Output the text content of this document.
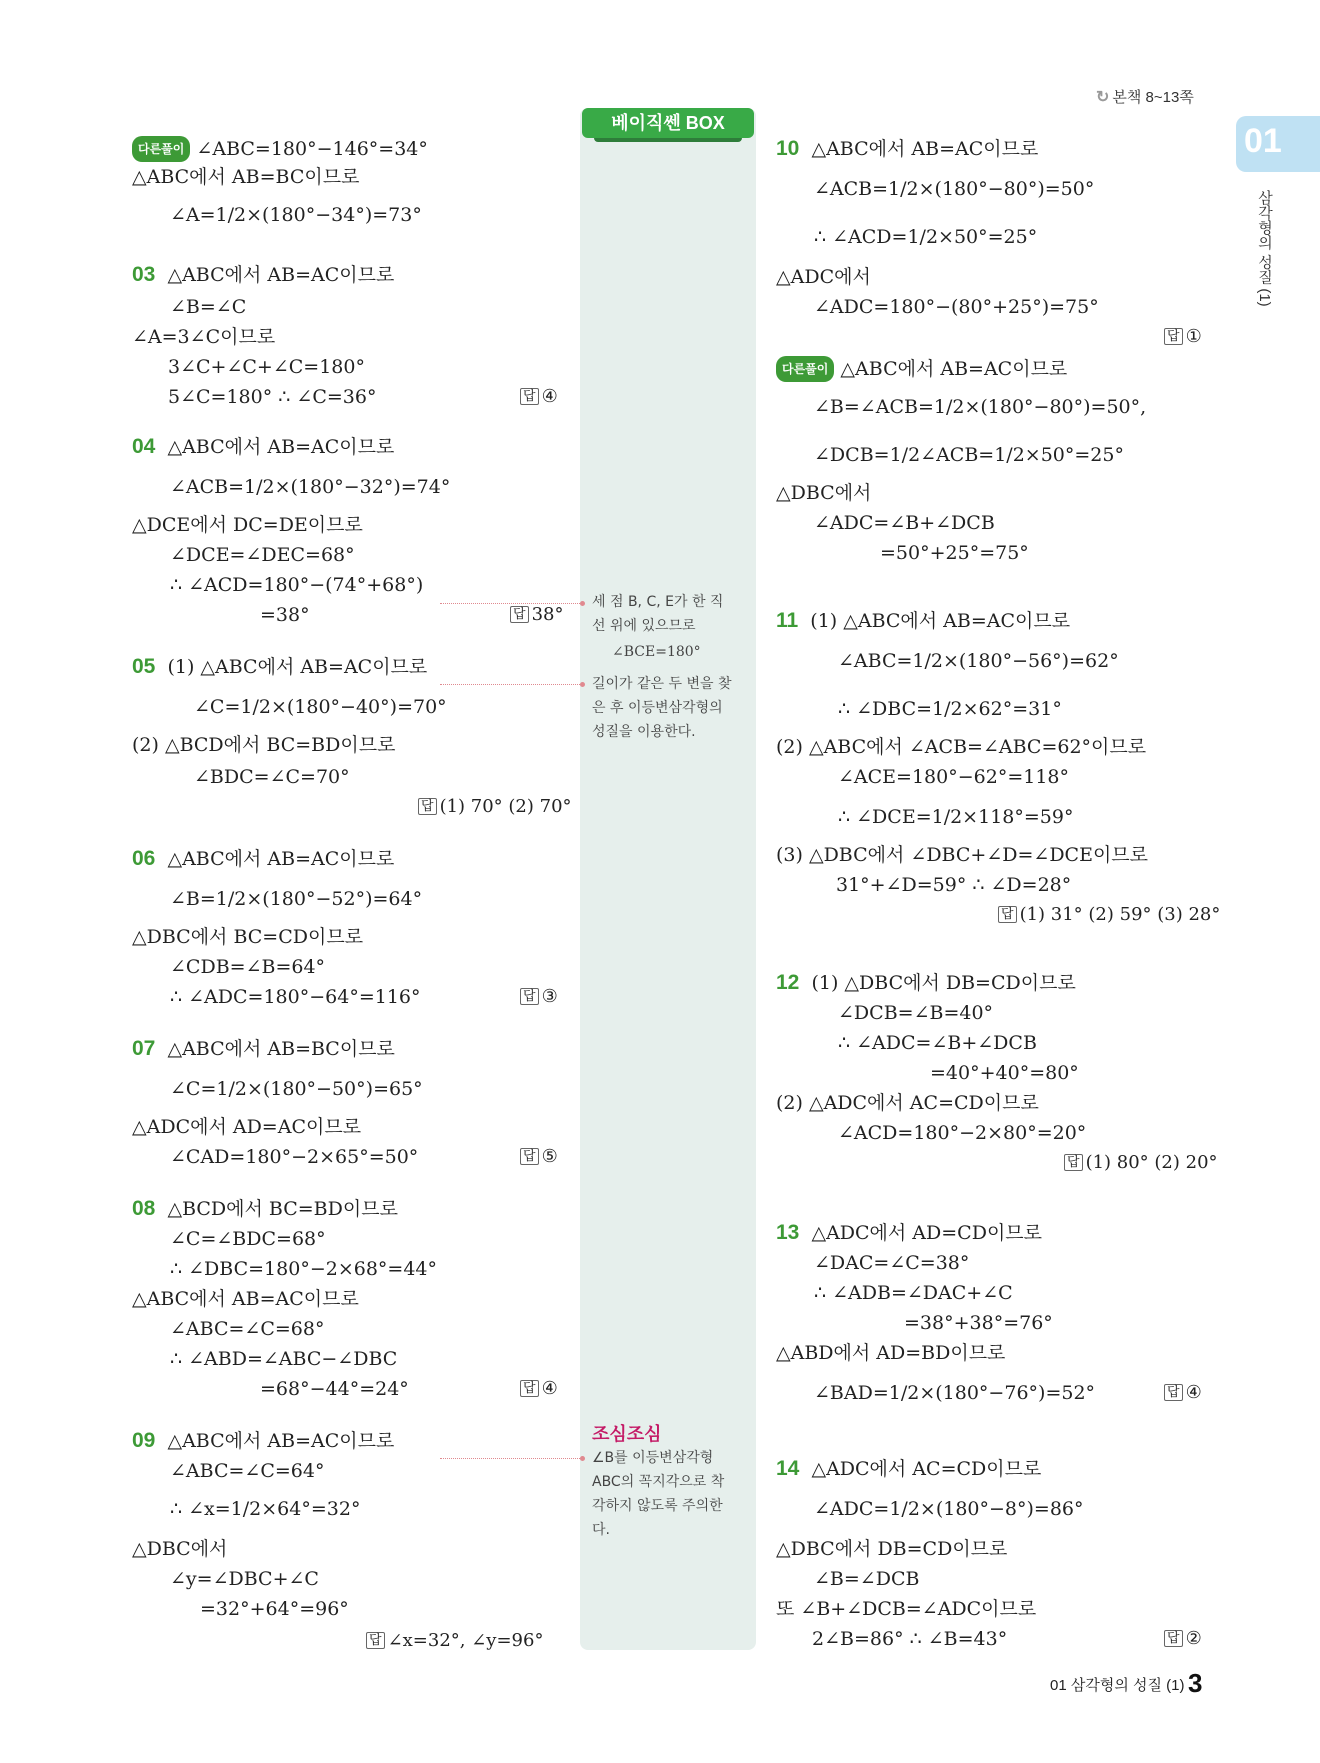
↻ 본책 8~13쪽
01
삼각형의 성질 (1)
베이직쎈 BOX
세 점 B, C, E가 한 직
선 위에 있으므로
∠BCE=180°
길이가 같은 두 변을 찾
은 후 이등변삼각형의
성질을 이용한다.
조심조심
∠B를 이등변삼각형
ABC의 꼭지각으로 착
각하지 않도록 주의한
다.
다른풀이 ∠ABC=180°−146°=34°
△ABC에서 AB=BC이므로
∠A=1/2×(180°−34°)=73°
03 △ABC에서 AB=AC이므로
∠B=∠C
∠A=3∠C이므로
3∠C+∠C+∠C=180°
5∠C=180° ∴ ∠C=36°	답 ④
04 △ABC에서 AB=AC이므로
∠ACB=1/2×(180°−32°)=74°
△DCE에서 DC=DE이므로
∠DCE=∠DEC=68°
∴ ∠ACD=180°−(74°+68°)
=38°	답 38°
05 (1) △ABC에서 AB=AC이므로
∠C=1/2×(180°−40°)=70°
(2) △BCD에서 BC=BD이므로
∠BDC=∠C=70°
답 (1) 70° (2) 70°
06 △ABC에서 AB=AC이므로
∠B=1/2×(180°−52°)=64°
△DBC에서 BC=CD이므로
∠CDB=∠B=64°
∴ ∠ADC=180°−64°=116°	답 ③
07 △ABC에서 AB=BC이므로
∠C=1/2×(180°−50°)=65°
△ADC에서 AD=AC이므로
∠CAD=180°−2×65°=50°	답 ⑤
08 △BCD에서 BC=BD이므로
∠C=∠BDC=68°
∴ ∠DBC=180°−2×68°=44°
△ABC에서 AB=AC이므로
∠ABC=∠C=68°
∴ ∠ABD=∠ABC−∠DBC
=68°−44°=24°	답 ④
09 △ABC에서 AB=AC이므로
∠ABC=∠C=64°
∴ ∠x=1/2×64°=32°
△DBC에서
∠y=∠DBC+∠C
=32°+64°=96°
답 ∠x=32°, ∠y=96°
10 △ABC에서 AB=AC이므로
∠ACB=1/2×(180°−80°)=50°
∴ ∠ACD=1/2×50°=25°
△ADC에서
∠ADC=180°−(80°+25°)=75°
답 ①
다른풀이 △ABC에서 AB=AC이므로
∠B=∠ACB=1/2×(180°−80°)=50°,
∠DCB=1/2∠ACB=1/2×50°=25°
△DBC에서
∠ADC=∠B+∠DCB
=50°+25°=75°
11 (1) △ABC에서 AB=AC이므로
∠ABC=1/2×(180°−56°)=62°
∴ ∠DBC=1/2×62°=31°
(2) △ABC에서 ∠ACB=∠ABC=62°이므로
∠ACE=180°−62°=118°
∴ ∠DCE=1/2×118°=59°
(3) △DBC에서 ∠DBC+∠D=∠DCE이므로
31°+∠D=59° ∴ ∠D=28°
답 (1) 31° (2) 59° (3) 28°
12 (1) △DBC에서 DB=CD이므로
∠DCB=∠B=40°
∴ ∠ADC=∠B+∠DCB
=40°+40°=80°
(2) △ADC에서 AC=CD이므로
∠ACD=180°−2×80°=20°
답 (1) 80° (2) 20°
13 △ADC에서 AD=CD이므로
∠DAC=∠C=38°
∴ ∠ADB=∠DAC+∠C
=38°+38°=76°
△ABD에서 AD=BD이므로
∠BAD=1/2×(180°−76°)=52°	답 ④
14 △ADC에서 AC=CD이므로
∠ADC=1/2×(180°−8°)=86°
△DBC에서 DB=CD이므로
∠B=∠DCB
또 ∠B+∠DCB=∠ADC이므로
2∠B=86° ∴ ∠B=43°	답 ②
01 삼각형의 성질 (1) 3
